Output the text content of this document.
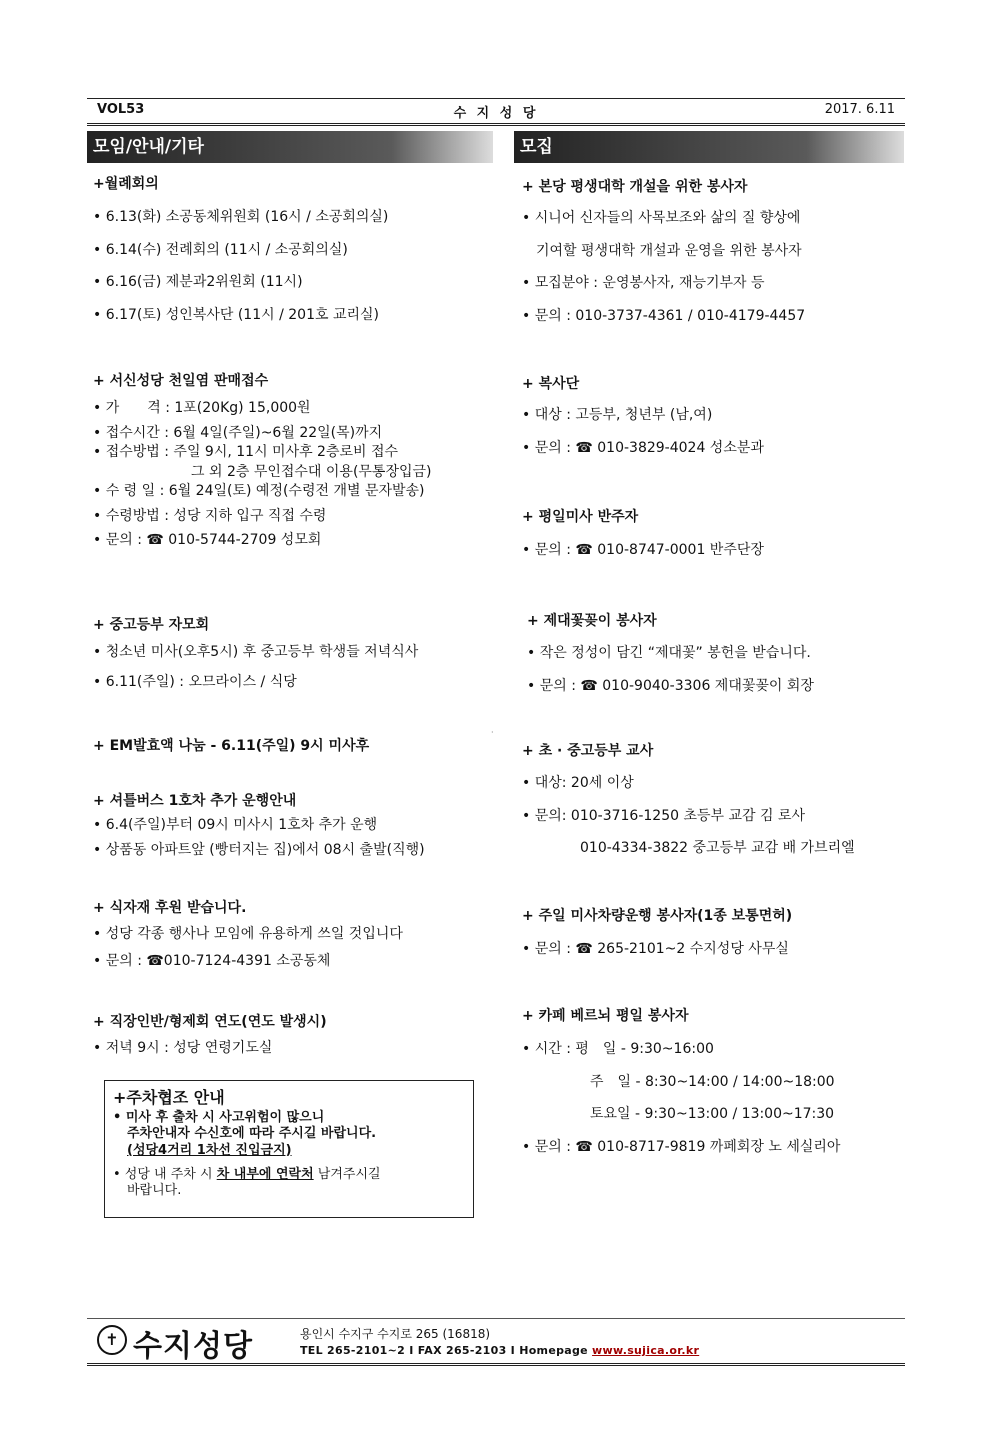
VOL53	수 지 성 당	2017. 6.11
모임/안내/기타
+월례회의
• 6.13(화) 소공동체위원회 (16시 / 소공회의실)
• 6.14(수) 전례회의 (11시 / 소공회의실)
• 6.16(금) 제분과2위원회 (11시)
• 6.17(토) 성인복사단 (11시 / 201호 교리실)
+ 서신성당 천일염 판매접수
• 가　　격 : 1포(20Kg) 15,000원
• 접수시간 : 6월 4일(주일)~6월 22일(목)까지
• 접수방법 : 주일 9시, 11시 미사후 2층로비 접수
그 외 2층 무인접수대 이용(무통장입금)
• 수 령 일 : 6월 24일(토) 예정(수령전 개별 문자발송)
• 수령방법 : 성당 지하 입구 직접 수령
• 문의 : ☎ 010-5744-2709 성모회
+ 중고등부 자모회
• 청소년 미사(오후5시) 후 중고등부 학생들 저녁식사
• 6.11(주일) : 오므라이스 / 식당
+ EM발효액 나눔 - 6.11(주일) 9시 미사후
+ 셔틀버스 1호차 추가 운행안내
• 6.4(주일)부터 09시 미사시 1호차 추가 운행
• 상품동 아파트앞 (빵터지는 집)에서 08시 출발(직행)
+ 식자재 후원 받습니다.
• 성당 각종 행사나 모임에 유용하게 쓰일 것입니다
• 문의 : ☎010-7124-4391 소공동체
+ 직장인반/형제회 연도(연도 발생시)
• 저녁 9시 : 성당 연령기도실
+주차협조 안내
• 미사 후 출차 시 사고위험이 많으니
주차안내자 수신호에 따라 주시길 바랍니다.
(성당4거리 1차선 진입금지)
• 성당 내 주차 시 차 내부에 연락처 남겨주시길
바랍니다.
모집
+ 본당 평생대학 개설을 위한 봉사자
• 시니어 신자들의 사목보조와 삶의 질 향상에
기여할 평생대학 개설과 운영을 위한 봉사자
• 모집분야 : 운영봉사자, 재능기부자 등
• 문의 : 010-3737-4361 / 010-4179-4457
+ 복사단
• 대상 : 고등부, 청년부 (남,여)
• 문의 : ☎ 010-3829-4024 성소분과
+ 평일미사 반주자
• 문의 : ☎ 010-8747-0001 반주단장
+ 제대꽃꽂이 봉사자
• 작은 정성이 담긴 “제대꽃” 봉헌을 받습니다.
• 문의 : ☎ 010-9040-3306 제대꽃꽂이 회장
+ 초 · 중고등부 교사
• 대상: 20세 이상
• 문의: 010-3716-1250 초등부 교감 김 로사
010-4334-3822 중고등부 교감 배 가브리엘
+ 주일 미사차량운행 봉사자(1종 보통면허)
• 문의 : ☎ 265-2101~2 수지성당 사무실
+ 카페 베르뇌 평일 봉사자
• 시간 : 평　일 - 9:30~16:00
주　일 - 8:30~14:00 / 14:00~18:00
토요일 - 9:30~13:00 / 13:00~17:30
• 문의 : ☎ 010-8717-9819 까페회장 노 세실리아
·
✝ 수지성당	용인시 수지구 수지로 265 (16818)
TEL 265-2101~2 I FAX 265-2103 I Homepage www.sujica.or.kr
